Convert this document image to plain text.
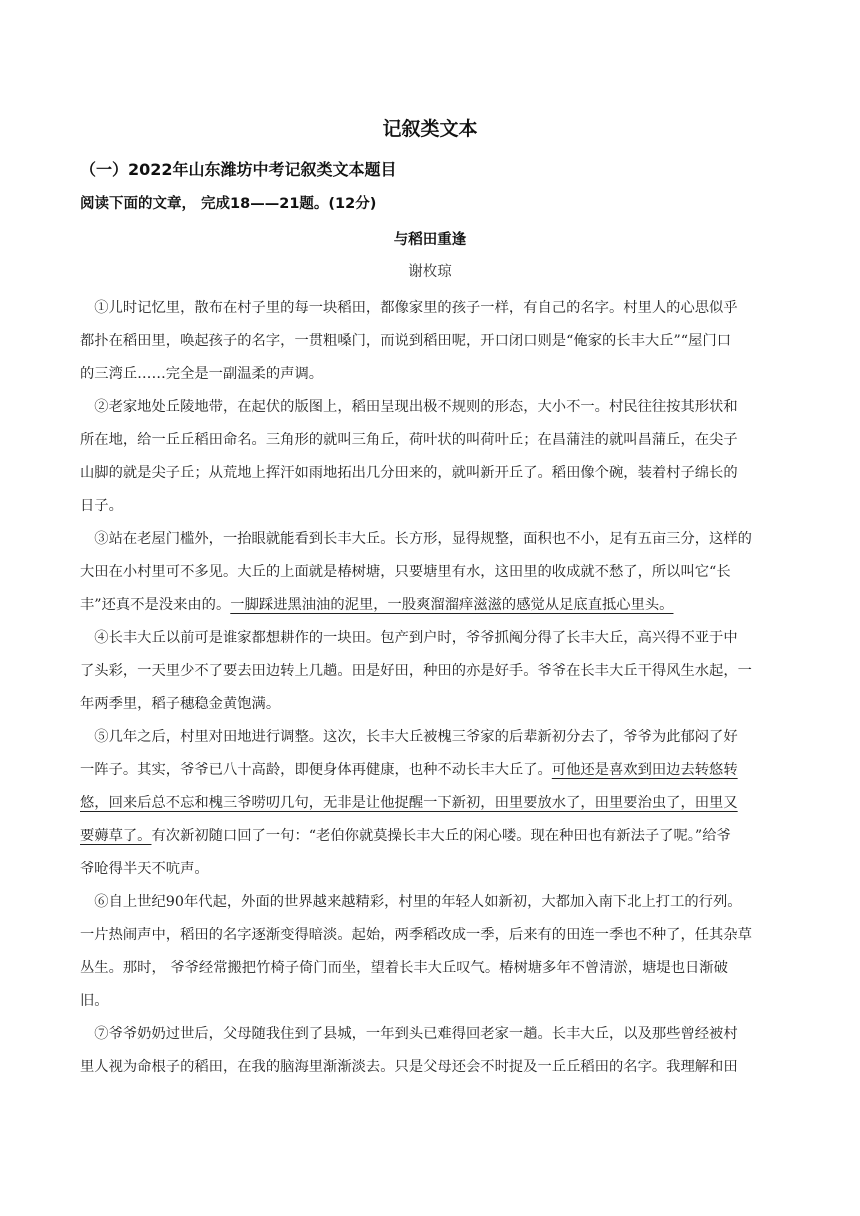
记叙类文本
（一）2022年山东潍坊中考记叙类文本题目
阅读下面的文章， 完成18——21题。(12分)
与稻田重逢
谢枚琼
　①儿时记忆里，散布在村子里的每一块稻田，都像家里的孩子一样，有自己的名字。村里人的心思似乎
都扑在稻田里，唤起孩子的名字，一贯粗嗓门，而说到稻田呢，开口闭口则是“俺家的长丰大丘”“屋门口
的三湾丘……完全是一副温柔的声调。
　②老家地处丘陵地带，在起伏的版图上，稻田呈现出极不规则的形态，大小不一。村民往往按其形状和
所在地，给一丘丘稻田命名。三角形的就叫三角丘，荷叶状的叫荷叶丘；在昌蒲洼的就叫昌蒲丘，在尖子
山脚的就是尖子丘；从荒地上挥汗如雨地拓出几分田来的，就叫新开丘了。稻田像个碗，装着村子绵长的
日子。
　③站在老屋门槛外，一抬眼就能看到长丰大丘。长方形，显得规整，面积也不小，足有五亩三分，这样的
大田在小村里可不多见。大丘的上面就是椿树塘，只要塘里有水，这田里的收成就不愁了，所以叫它“长
丰”还真不是没来由的。一脚踩进黑油油的泥里，一股爽溜溜痒滋滋的感觉从足底直抵心里头。
　④长丰大丘以前可是谁家都想耕作的一块田。包产到户时，爷爷抓阄分得了长丰大丘，高兴得不亚于中
了头彩，一天里少不了要去田边转上几趟。田是好田，种田的亦是好手。爷爷在长丰大丘干得风生水起，一
年两季里，稻子穗稳金黄饱满。
　⑤几年之后，村里对田地进行调整。这次，长丰大丘被槐三爷家的后辈新初分去了，爷爷为此郁闷了好
一阵子。其实，爷爷已八十高龄，即便身体再健康，也种不动长丰大丘了。可他还是喜欢到田边去转悠转
悠，回来后总不忘和槐三爷唠叨几句，无非是让他捉醒一下新初，田里要放水了，田里要治虫了，田里又
要薅草了。有次新初随口回了一句：“老伯你就莫操长丰大丘的闲心喽。现在种田也有新法子了呢。”给爷
爷呛得半天不吭声。
　⑥自上世纪90年代起，外面的世界越来越精彩，村里的年轻人如新初，大都加入南下北上打工的行列。
一片热闹声中，稻田的名字逐渐变得暗淡。起始，两季稻改成一季，后来有的田连一季也不种了，任其杂草
丛生。那时， 爷爷经常搬把竹椅子倚门而坐，望着长丰大丘叹气。椿树塘多年不曾清淤，塘堤也日渐破
旧。
　⑦爷爷奶奶过世后，父母随我住到了县城，一年到头已难得回老家一趟。长丰大丘，以及那些曾经被村
里人视为命根子的稻田，在我的脑海里渐渐淡去。只是父母还会不时捉及一丘丘稻田的名字。我理解和田
